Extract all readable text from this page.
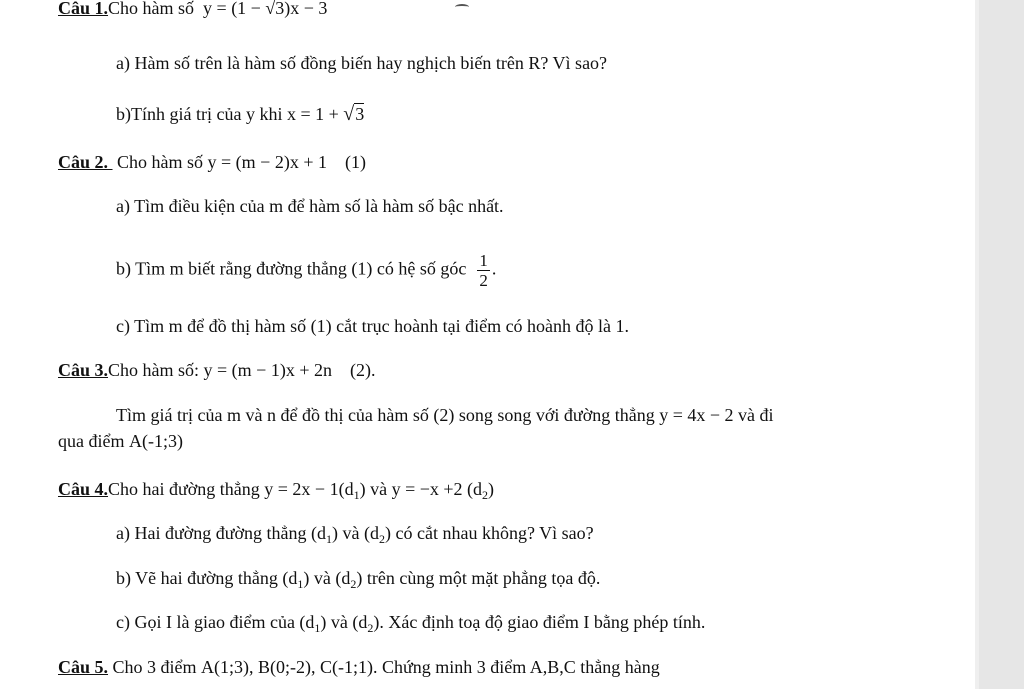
Câu 1.Cho hàm số y = (1 − √3)x − 3
a) Hàm số trên là hàm số đồng biến hay nghịch biến trên R? Vì sao?
b)Tính giá trị của y khi x = 1 + √3
Câu 2.  Cho hàm số y = (m − 2)x + 1 (1)
a) Tìm điều kiện của m để hàm số là hàm số bậc nhất.
b) Tìm m biết rằng đường thẳng (1) có hệ số góc $\frac{1}{2}$ .
c) Tìm m để đồ thị hàm số (1) cắt trục hoành tại điểm có hoành độ là 1.
Câu 3.Cho hàm số: y = (m − 1)x + 2n (2).
Tìm giá trị của m và n để đồ thị của hàm số (2) song song với đường thẳng y = 4x − 2 và đi
qua điểm A(-1;3)
Câu 4.Cho hai đường thẳng $y = 2x - 1(d_1)$ và y = −x +2 $(d_2)$
a) Hai đường đường thẳng $(d_1)$ và $(d_2)$ có cắt nhau không? Vì sao?
b) Vẽ hai đường thẳng $(d_1)$ và $(d_2)$ trên cùng một mặt phẳng tọa độ.
c) Gọi I là giao điểm của $(d_1)$ và $(d_2)$. Xác định toạ độ giao điểm I bằng phép tính.
Câu 5. Cho 3 điểm A(1;3), B(0;-2), C(-1;1). Chứng minh 3 điểm A,B,C thẳng hàng
